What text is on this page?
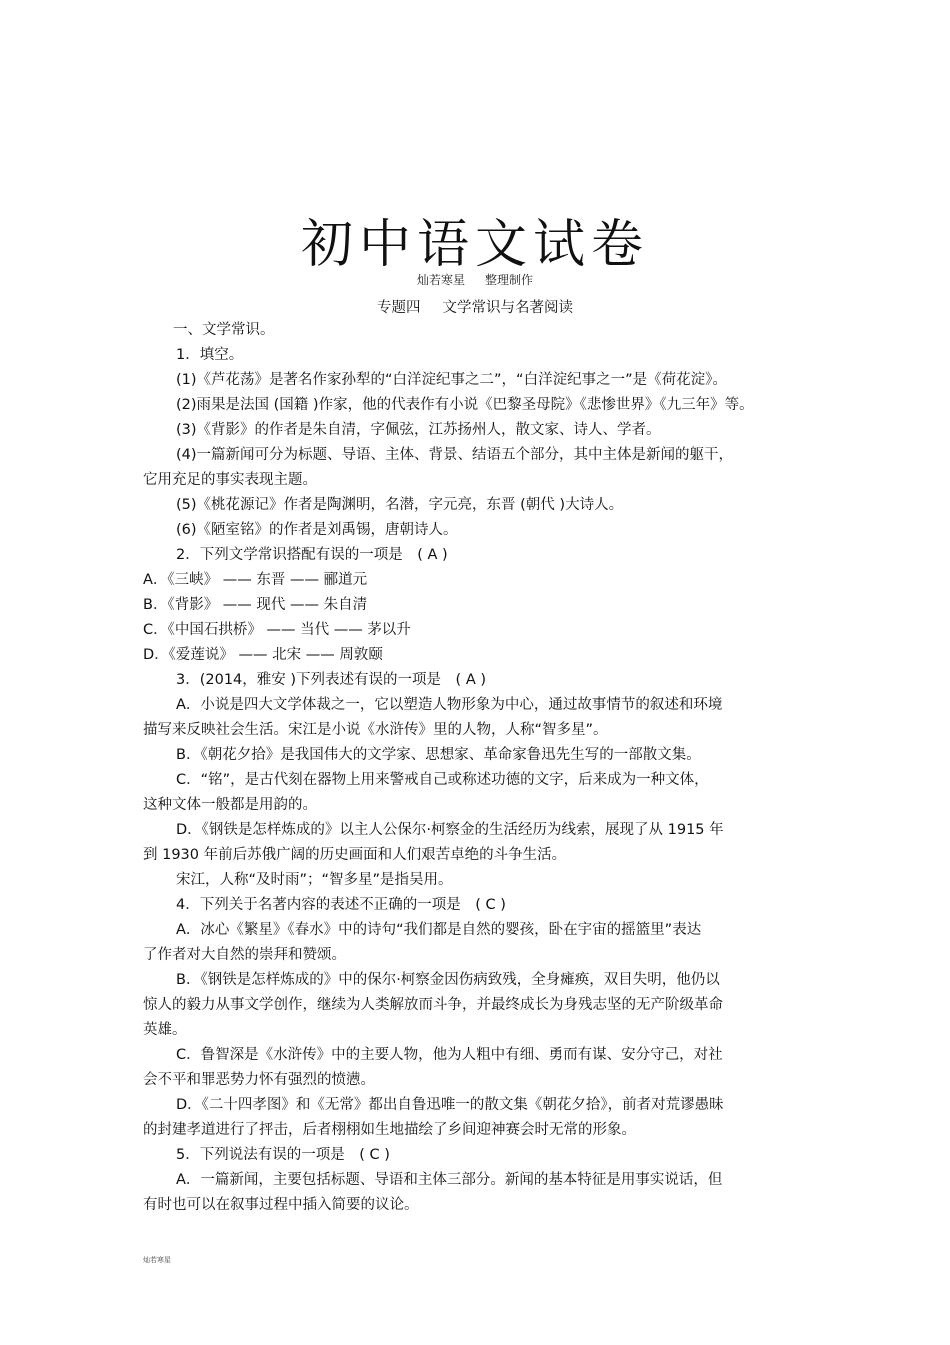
初中语文试卷
灿若寒星 整理制作
专题四 文学常识与名著阅读

一、文学常识。

1．填空。

(1)《芦花荡》是著名作家孙犁的“白洋淀纪事之二”，“白洋淀纪事之一”是《荷花淀》。

(2)雨果是法国 (国籍 )作家，他的代表作有小说《巴黎圣母院》《悲惨世界》《九三年》等。

(3)《背影》的作者是朱自清，字佩弦，江苏扬州人，散文家、诗人、学者。

(4)一篇新闻可分为标题、导语、主体、背景、结语五个部分，其中主体是新闻的躯干，

它用充足的事实表现主题。

(5)《桃花源记》作者是陶渊明，名潜，字元亮，东晋 (朝代 )大诗人。

(6)《陋室铭》的作者是刘禹锡，唐朝诗人。

2．下列文学常识搭配有误的一项是　( A )

A．《三峡》 —— 东晋 —— 郦道元

B．《背影》 —— 现代 —— 朱自清

C．《中国石拱桥》 —— 当代 —— 茅以升

D．《爱莲说》 —— 北宋 —— 周敦颐

3．(2014，雅安 )下列表述有误的一项是　( A )

A．小说是四大文学体裁之一，它以塑造人物形象为中心，通过故事情节的叙述和环境

描写来反映社会生活。宋江是小说《水浒传》里的人物，人称“智多星”。

B．《朝花夕拾》是我国伟大的文学家、思想家、革命家鲁迅先生写的一部散文集。

C．“铭”，是古代刻在器物上用来警戒自己或称述功德的文字，后来成为一种文体，

这种文体一般都是用韵的。

D．《钢铁是怎样炼成的》以主人公保尔·柯察金的生活经历为线索，展现了从 1915 年

到 1930 年前后苏俄广阔的历史画面和人们艰苦卓绝的斗争生活。

宋江，人称“及时雨”；“智多星”是指吴用。

4．下列关于名著内容的表述不正确的一项是　( C )

A．冰心《繁星》《春水》中的诗句“我们都是自然的婴孩，卧在宇宙的摇篮里”表达

了作者对大自然的崇拜和赞颂。

B．《钢铁是怎样炼成的》中的保尔·柯察金因伤病致残，全身瘫痪，双目失明，他仍以

惊人的毅力从事文学创作，继续为人类解放而斗争，并最终成长为身残志坚的无产阶级革命

英雄。

C．鲁智深是《水浒传》中的主要人物，他为人粗中有细、勇而有谋、安分守己，对社

会不平和罪恶势力怀有强烈的愤懑。

D．《二十四孝图》和《无常》都出自鲁迅唯一的散文集《朝花夕拾》，前者对荒谬愚昧

的封建孝道进行了抨击，后者栩栩如生地描绘了乡间迎神赛会时无常的形象。

5．下列说法有误的一项是　( C )

A．一篇新闻，主要包括标题、导语和主体三部分。新闻的基本特征是用事实说话，但

有时也可以在叙事过程中插入简要的议论。

灿若寒星
